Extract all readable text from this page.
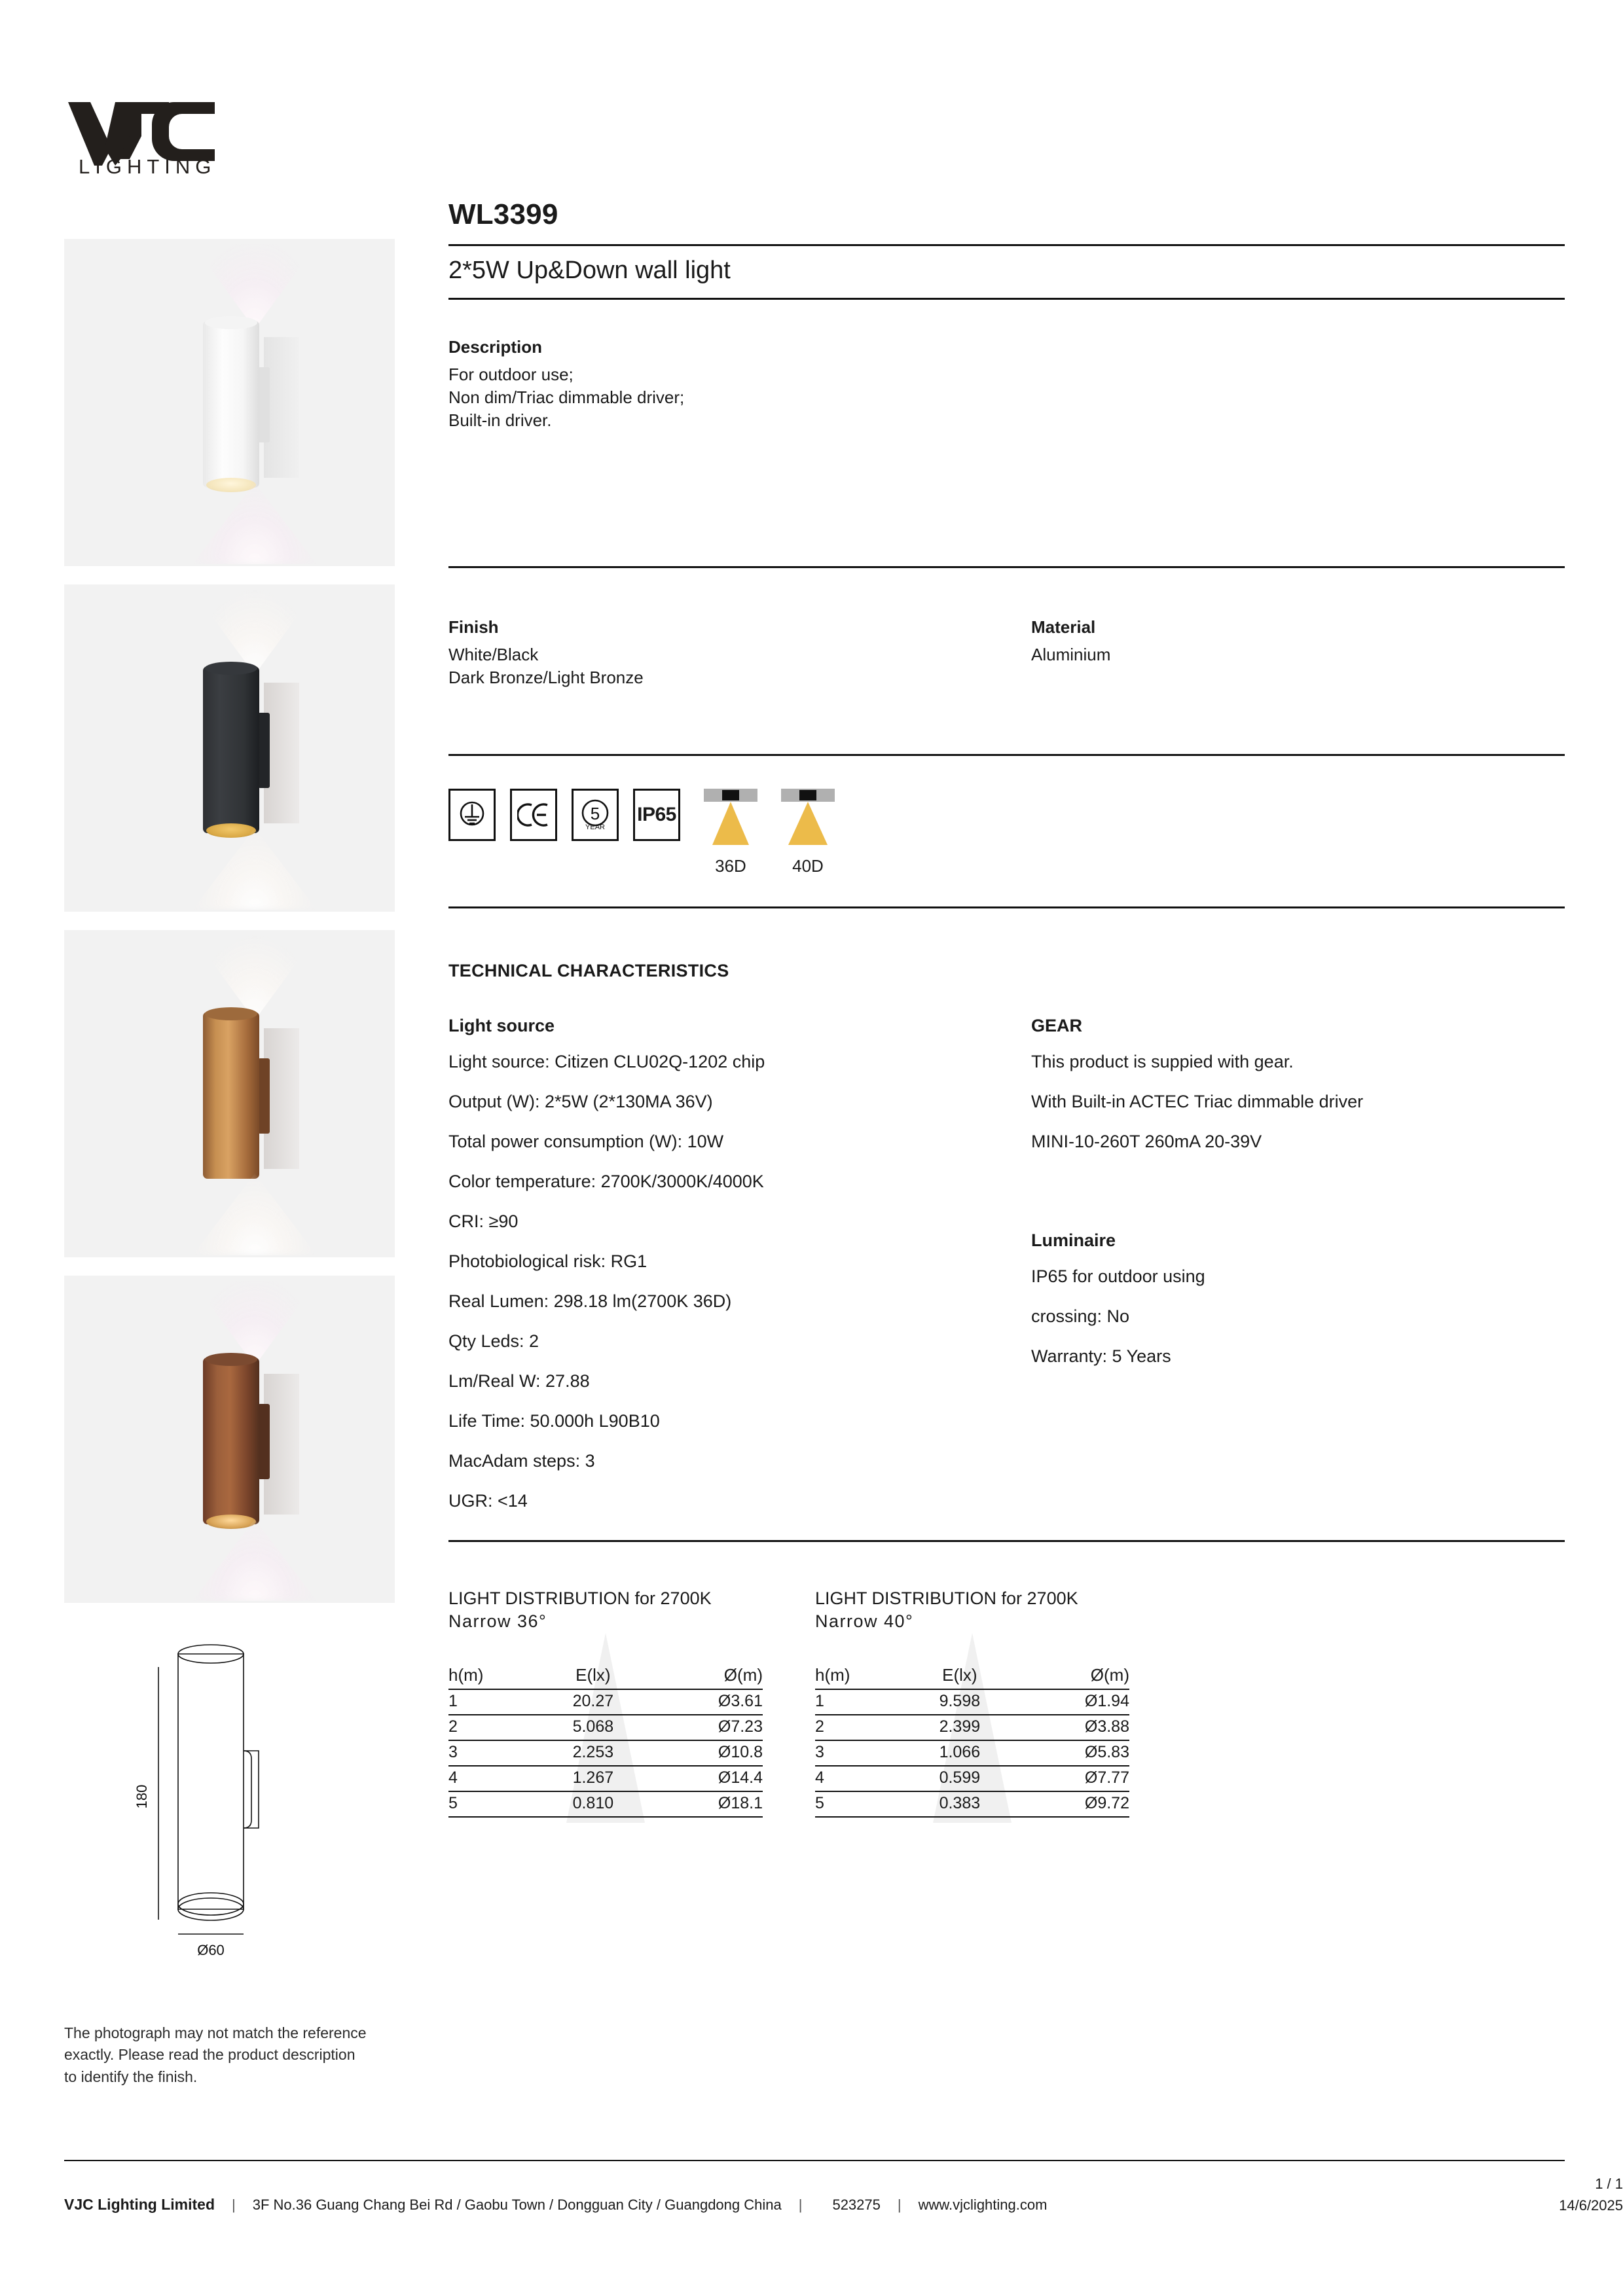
LIGHTING
180
Ø60
The photograph may not match the reference exactly. Please read the product description to identify the finish.
WL3399
2*5W Up&Down wall light
Description
For outdoor use;
Non dim/Triac dimmable driver;
Built-in driver.
Finish
White/Black
Dark Bronze/Light Bronze
Material
Aluminium
5
YEAR
IP65
36D	40D
TECHNICAL CHARACTERISTICS
Light source
Light source: Citizen CLU02Q-1202 chip
Output (W): 2*5W (2*130MA 36V)
Total power consumption (W): 10W
Color temperature: 2700K/3000K/4000K
CRI: ≥90
Photobiological risk: RG1
Real Lumen: 298.18 lm(2700K 36D)
Qty Leds: 2
Lm/Real W: 27.88
Life Time: 50.000h L90B10
MacAdam steps: 3
UGR: <14
GEAR
This product is suppied with gear.
With Built-in ACTEC Triac dimmable driver
MINI-10-260T 260mA 20-39V
Luminaire
IP65 for outdoor using
crossing: No
Warranty: 5 Years
LIGHT DISTRIBUTION for 2700K
Narrow 36°
h(m)	E(lx)	Ø(m)
1	20.27	Ø3.61
2	5.068	Ø7.23
3	2.253	Ø10.8
4	1.267	Ø14.4
5	0.810	Ø18.1
LIGHT DISTRIBUTION for 2700K
Narrow 40°
h(m)	E(lx)	Ø(m)
1	9.598	Ø1.94
2	2.399	Ø3.88
3	1.066	Ø5.83
4	0.599	Ø7.77
5	0.383	Ø9.72
VJC Lighting Limited | 3F No.36 Guang Chang Bei Rd / Gaobu Town / Dongguan City / Guangdong China | 523275 | www.vjclighting.com
1 / 1
14/6/2025
